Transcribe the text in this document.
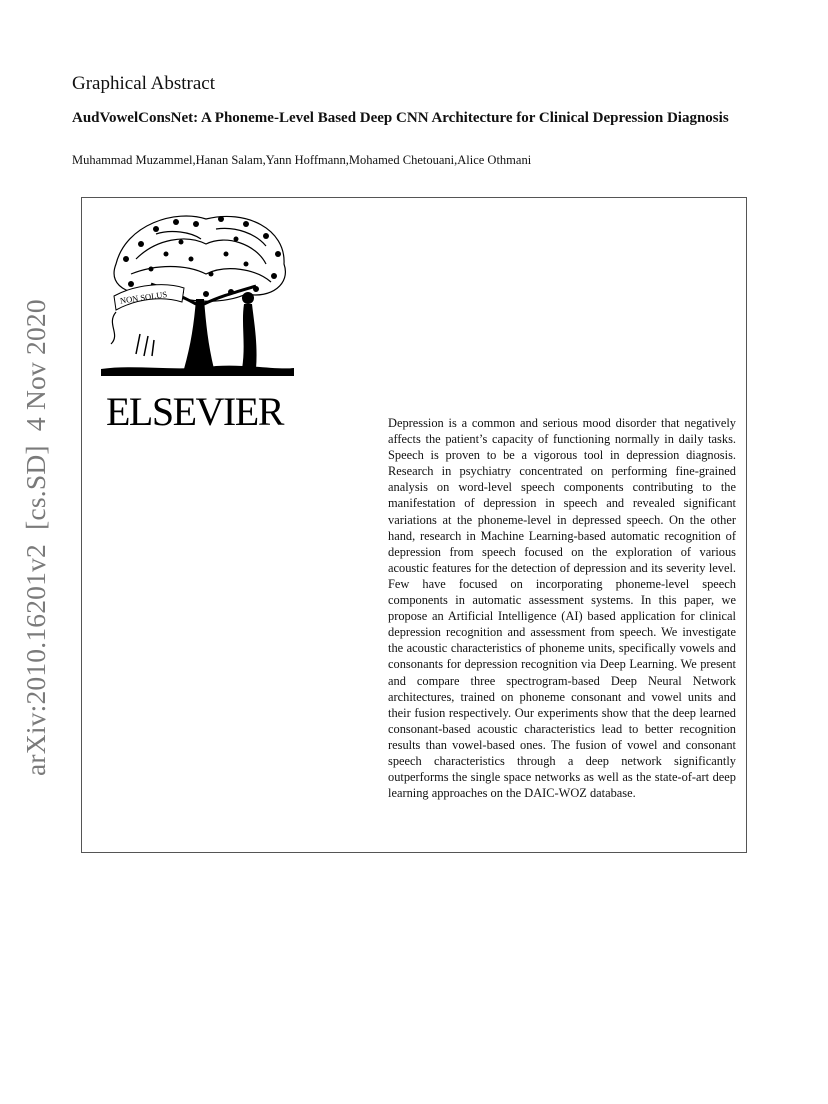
Graphical Abstract
AudVowelConsNet: A Phoneme-Level Based Deep CNN Architecture for Clinical Depression Diagnosis

Muhammad Muzammel,Hanan Salam,Yann Hoffmann,Mohamed Chetouani,Alice Othmani

arXiv:2010.16201v2  [cs.SD]  4 Nov 2020
NON SOLUS
ELSEVIER	Depression is a common and serious mood disorder that negatively affects the patient’s capacity of functioning normally in daily tasks. Speech is proven to be a vigorous tool in depression diagnosis. Research in psychiatry concentrated on performing fine-grained analysis on word-level speech components contributing to the manifestation of depression in speech and revealed significant variations at the phoneme-level in depressed speech. On the other hand, research in Machine Learning-based automatic recognition of depression from speech focused on the exploration of various acoustic features for the detection of depression and its severity level. Few have focused on incorporating phoneme-level speech components in automatic assessment systems. In this paper, we propose an Artificial Intelligence (AI) based application for clinical depression recognition and assessment from speech. We investigate the acoustic characteristics of phoneme units, specifically vowels and consonants for depression recognition via Deep Learning. We present and compare three spectrogram-based Deep Neural Network architectures, trained on phoneme consonant and vowel units and their fusion respectively. Our experiments show that the deep learned consonant-based acoustic characteristics lead to better recognition results than vowel-based ones. The fusion of vowel and consonant speech characteristics through a deep network significantly outperforms the single space networks as well as the state-of-art deep learning approaches on the DAIC-WOZ database.
